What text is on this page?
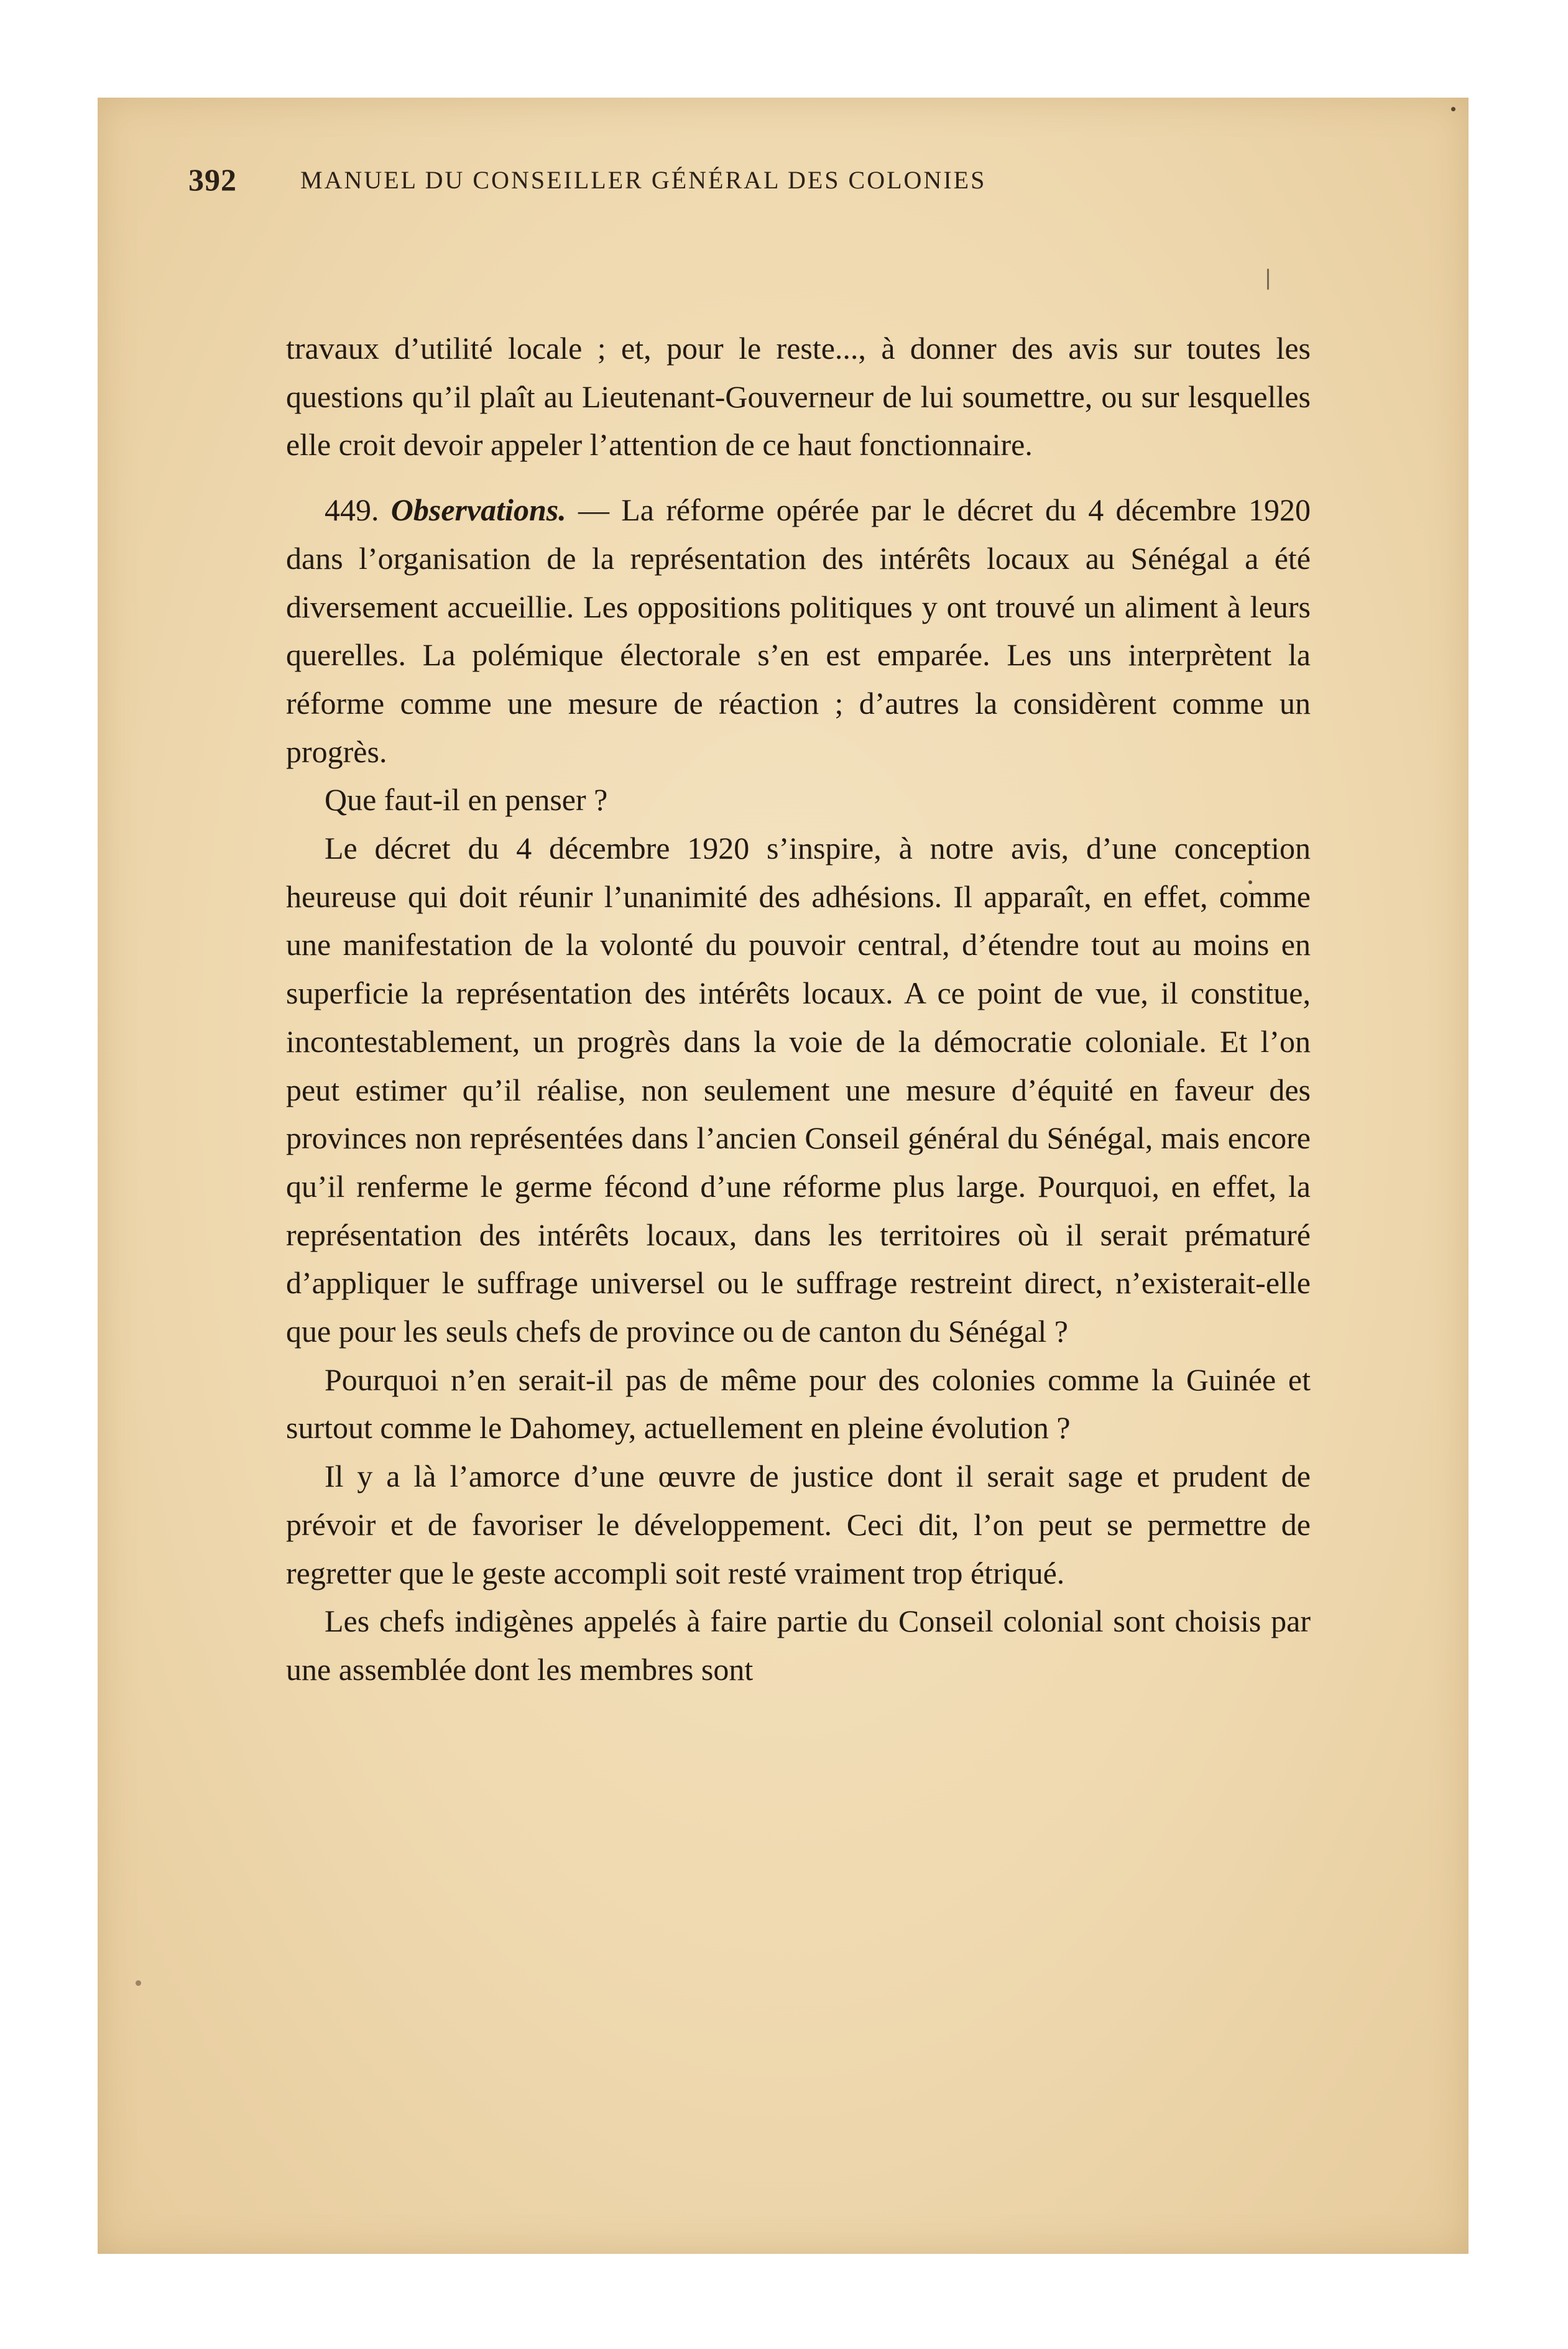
392	MANUEL DU CONSEILLER GÉNÉRAL DES COLONIES

travaux d’utilité locale ; et, pour le reste..., à donner des avis sur toutes les questions qu’il plaît au Lieutenant-Gouverneur de lui soumettre, ou sur lesquelles elle croit devoir appeler l’attention de ce haut fonctionnaire.

449. Observations. — La réforme opérée par le décret du 4 décembre 1920 dans l’organisation de la représentation des intérêts locaux au Sénégal a été diversement accueillie. Les oppositions politiques y ont trouvé un aliment à leurs querelles. La polémique électorale s’en est emparée. Les uns interprètent la réforme comme une mesure de réaction ; d’autres la considèrent comme un progrès.

Que faut-il en penser ?

Le décret du 4 décembre 1920 s’inspire, à notre avis, d’une conception heureuse qui doit réunir l’unanimité des adhésions. Il apparaît, en effet, comme une manifestation de la volonté du pouvoir central, d’étendre tout au moins en superficie la représentation des intérêts locaux. A ce point de vue, il constitue, incontestablement, un progrès dans la voie de la démocratie coloniale. Et l’on peut estimer qu’il réalise, non seulement une mesure d’équité en faveur des provinces non représentées dans l’ancien Conseil général du Sénégal, mais encore qu’il renferme le germe fécond d’une réforme plus large. Pourquoi, en effet, la représentation des intérêts locaux, dans les territoires où il serait prématuré d’appliquer le suffrage universel ou le suffrage restreint direct, n’existerait-elle que pour les seuls chefs de province ou de canton du Sénégal ?

Pourquoi n’en serait-il pas de même pour des colonies comme la Guinée et surtout comme le Dahomey, actuellement en pleine évolution ?

Il y a là l’amorce d’une œuvre de justice dont il serait sage et prudent de prévoir et de favoriser le développement. Ceci dit, l’on peut se permettre de regretter que le geste accompli soit resté vraiment trop étriqué.

Les chefs indigènes appelés à faire partie du Conseil colonial sont choisis par une assemblée dont les membres sont
